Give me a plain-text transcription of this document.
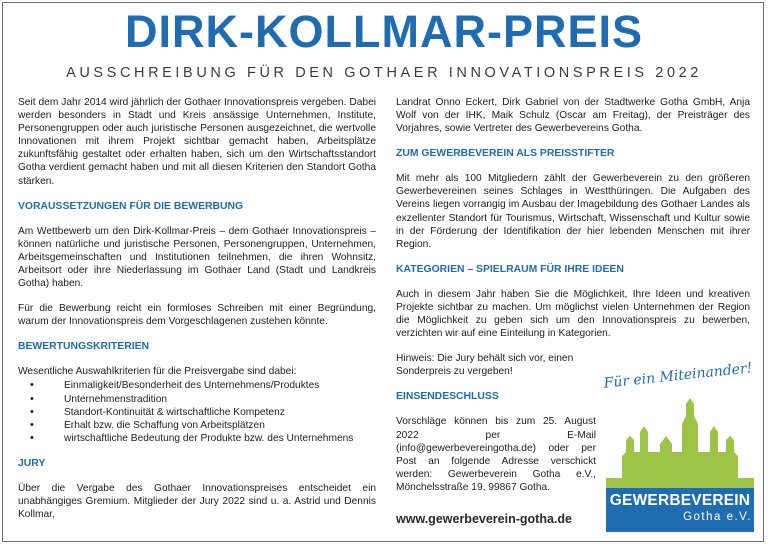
DIRK-KOLLMAR-PREIS
AUSSCHREIBUNG FÜR DEN GOTHAER INNOVATIONSPREIS 2022

Seit dem Jahr 2014 wird jährlich der Gothaer Innovationspreis vergeben. Dabei werden besonders in Stadt und Kreis ansässige Unternehmen, Institute, Personengruppen oder auch juristische Personen ausgezeichnet, die wertvolle Innovationen mit ihrem Projekt sichtbar gemacht haben, Arbeitsplätze zukunftsfähig gestaltet oder erhalten haben, sich um den Wirtschaftsstandort Gotha verdient gemacht haben und mit all diesen Kriterien den Standort Gotha stärken.

VORAUSSETZUNGEN FÜR DIE BEWERBUNG

Am Wettbewerb um den Dirk-Kollmar-Preis – dem Gothaer Innovationspreis – können natürliche und juristische Personen, Personengruppen, Unternehmen, Arbeitsgemeinschaften und Institutionen teilnehmen, die ihren Wohnsitz, Arbeitsort oder ihre Niederlassung im Gothaer Land (Stadt und Landkreis Gotha) haben.

Für die Bewerbung reicht ein formloses Schreiben mit einer Begründung, warum der Innovationspreis dem Vorgeschlagenen zustehen könnte.

BEWERTUNGSKRITERIEN
Wesentliche Auswahlkriterien für die Preisvergabe sind dabei:
• Einmaligkeit/Besonderheit des Unternehmens/Produktes
• Unternehmenstradition
• Standort-Kontinuität & wirtschaftliche Kompetenz
• Erhalt bzw. die Schaffung von Arbeitsplätzen
• wirtschaftliche Bedeutung der Produkte bzw. des Unternehmens
JURY

Über die Vergabe des Gothaer Innovationspreises entscheidet ein unabhängiges Gremium. Mitglieder der Jury 2022 sind u. a. Astrid und Dennis Kollmar,

Landrat Onno Eckert, Dirk Gabriel von der Stadtwerke Gotha GmbH, Anja Wolf von der IHK, Maik Schulz (Oscar am Freitag), der Preisträger des Vorjahres, sowie Vertreter des Gewerbevereins Gotha.

ZUM GEWERBEVEREIN ALS PREISSTIFTER

Mit mehr als 100 Mitgliedern zählt der Gewerbeverein zu den größeren Gewerbevereinen seines Schlages in Westthüringen. Die Aufgaben des Vereins liegen vorrangig im Ausbau der Imagebildung des Gothaer Landes als exzellenter Standort für Tourismus, Wirtschaft, Wissenschaft und Kultur sowie in der Förderung der Identifikation der hier lebenden Menschen mit ihrer Region.

KATEGORIEN – SPIELRAUM FÜR IHRE IDEEN

Auch in diesem Jahr haben Sie die Möglichkeit, Ihre Ideen und kreativen Projekte sichtbar zu machen. Um möglichst vielen Unternehmen der Region die Möglichkeit zu geben sich um den Innovationspreis zu bewerben, verzichten wir auf eine Einteilung in Kategorien.

Hinweis: Die Jury behält sich vor, einen Sonderpreis zu vergeben!

EINSENDESCHLUSS

Vorschläge können bis zum 25. August 2022 per E-Mail (info@gewerbevereingotha.de) oder per Post an folgende Adresse verschickt werden: Gewerbeverein Gotha e.V., Mönchelsstraße 19, 99867 Gotha.

www.gewerbeverein-gotha.de
Für ein Miteinander!
GEWERBEVEREIN
Gotha e.V.
